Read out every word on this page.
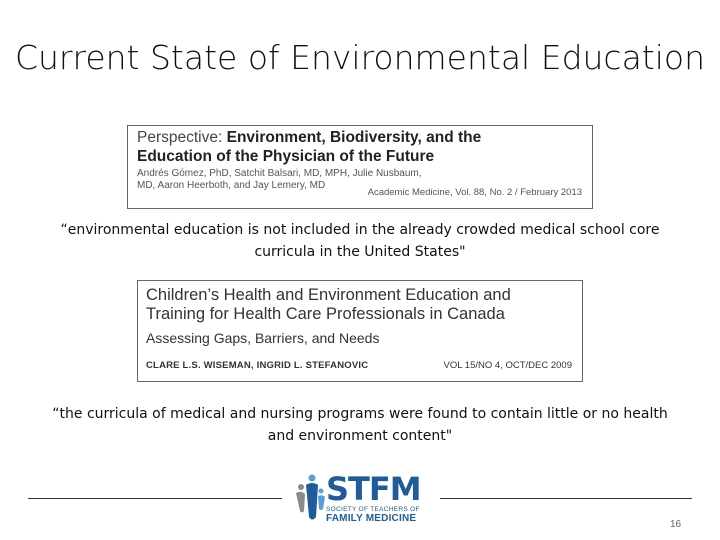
Current State of Environmental Education
Perspective: Environment, Biodiversity, and the
Education of the Physician of the Future
Andrés Gómez, PhD, Satchit Balsari, MD, MPH, Julie Nusbaum, MD, Aaron Heerboth, and Jay Lemery, MD
Academic Medicine, Vol. 88, No. 2 / February 2013
“environmental education is not included in the already crowded medical school core curricula in the United States"
Children’s Health and Environment Education and
Training for Health Care Professionals in Canada
Assessing Gaps, Barriers, and Needs
CLARE L.S. WISEMAN, INGRID L. STEFANOVIC	VOL 15/NO 4, OCT/DEC 2009
“the curricula of medical and nursing programs were found to contain little or no health and environment content"
STFM
SOCIETY OF TEACHERS OF
FAMILY MEDICINE
16
